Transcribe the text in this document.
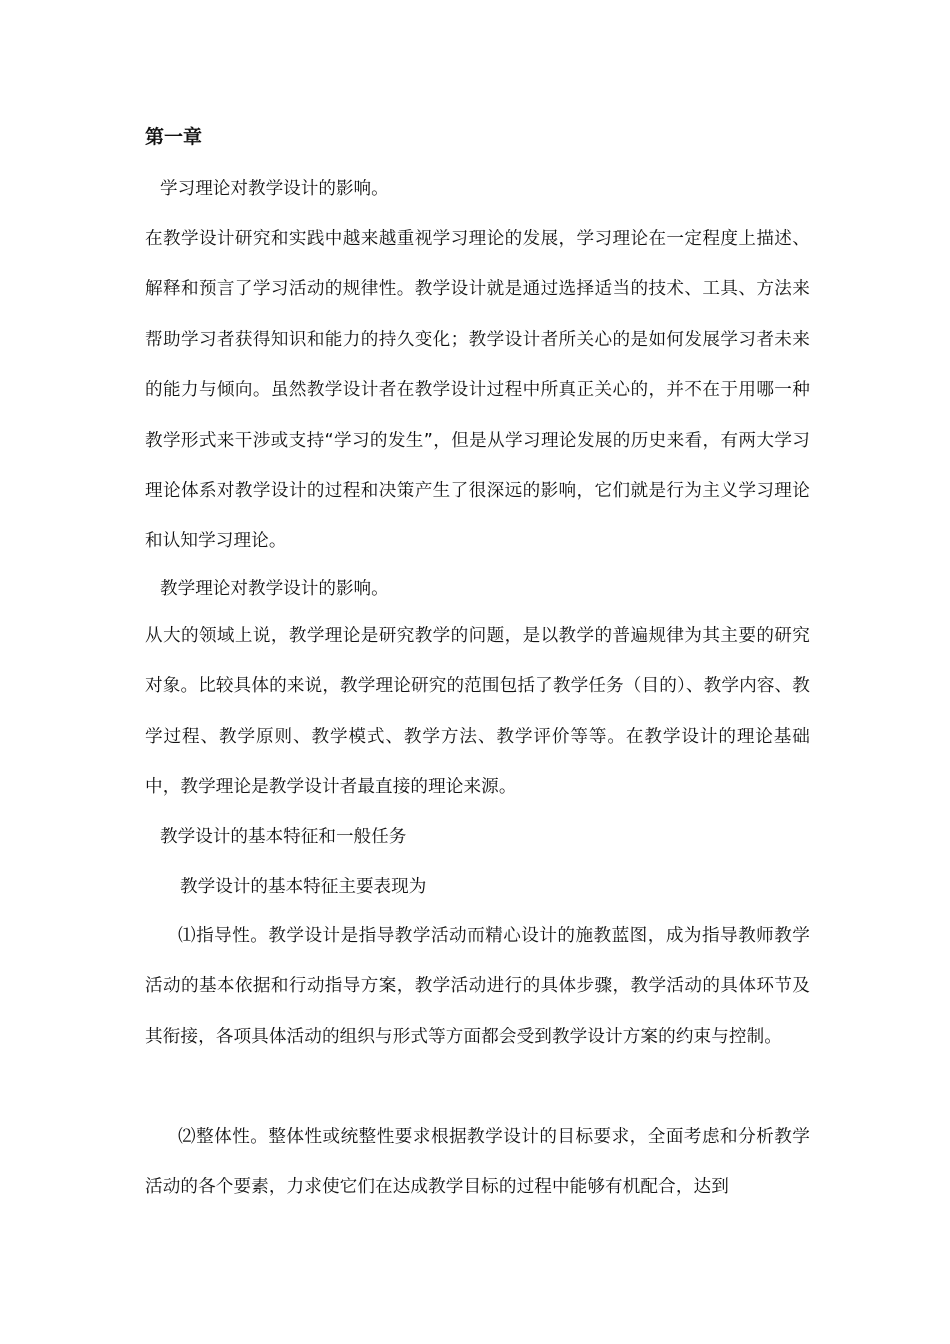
第一章
学习理论对教学设计的影响。
在教学设计研究和实践中越来越重视学习理论的发展，学习理论在一定程度上描述、解释和预言了学习活动的规律性。教学设计就是通过选择适当的技术、工具、方法来帮助学习者获得知识和能力的持久变化；教学设计者所关心的是如何发展学习者未来的能力与倾向。虽然教学设计者在教学设计过程中所真正关心的，并不在于用哪一种教学形式来干涉或支持“学习的发生”，但是从学习理论发展的历史来看，有两大学习理论体系对教学设计的过程和决策产生了很深远的影响，它们就是行为主义学习理论和认知学习理论。
教学理论对教学设计的影响。
从大的领域上说，教学理论是研究教学的问题，是以教学的普遍规律为其主要的研究对象。比较具体的来说，教学理论研究的范围包括了教学任务（目的）、教学内容、教学过程、教学原则、教学模式、教学方法、教学评价等等。在教学设计的理论基础中，教学理论是教学设计者最直接的理论来源。
教学设计的基本特征和一般任务
教学设计的基本特征主要表现为
⑴指导性。教学设计是指导教学活动而精心设计的施教蓝图，成为指导教师教学活动的基本依据和行动指导方案，教学活动进行的具体步骤，教学活动的具体环节及其衔接，各项具体活动的组织与形式等方面都会受到教学设计方案的约束与控制。
⑵整体性。整体性或统整性要求根据教学设计的目标要求，全面考虑和分析教学活动的各个要素，力求使它们在达成教学目标的过程中能够有机配合，达到
